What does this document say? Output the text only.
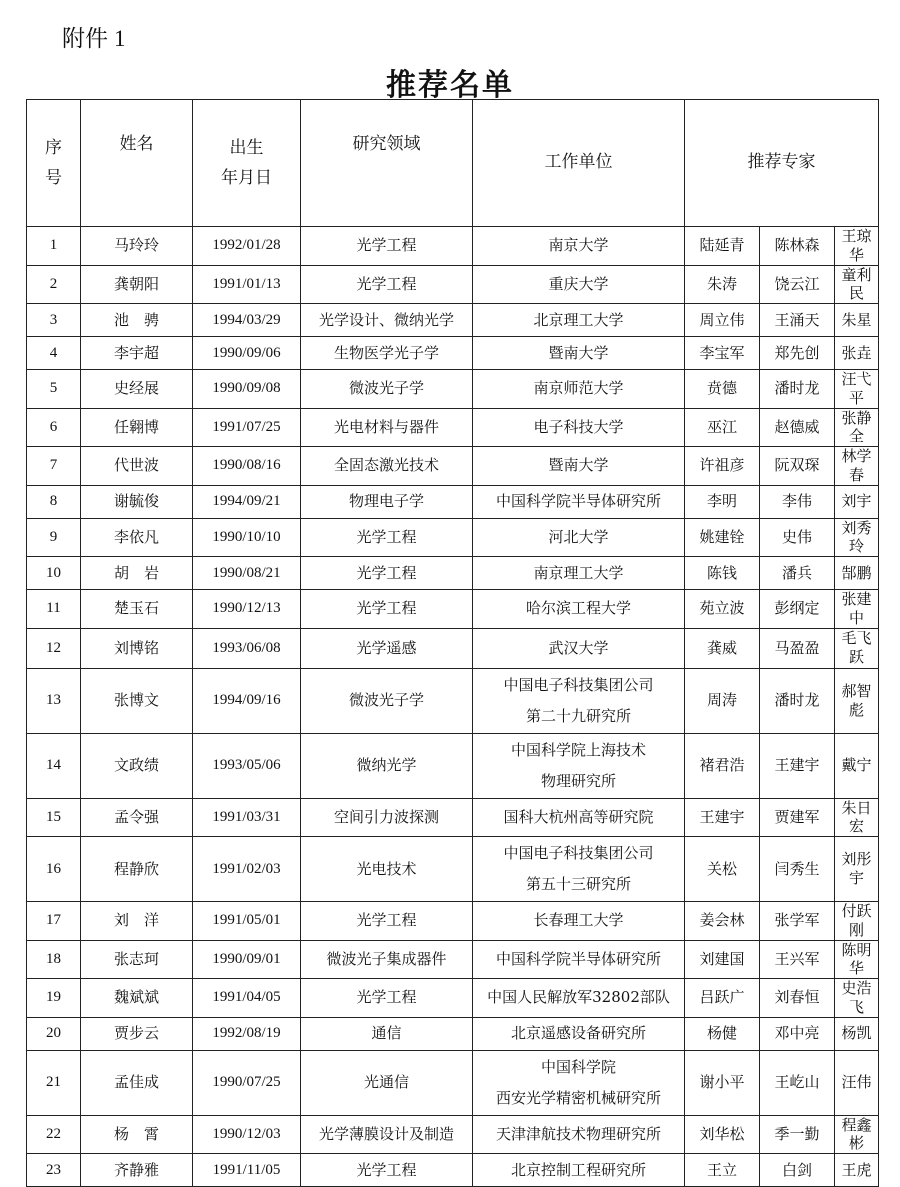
附件 1
推荐名单
序
号	姓名	出生
年月日	研究领域	工作单位	推荐专家		
1	马玲玲	1992/01/28	光学工程	南京大学	陆延青	陈林森	王琼华
2	龚朝阳	1991/01/13	光学工程	重庆大学	朱涛	饶云江	童利民
3	池　骋	1994/03/29	光学设计、微纳光学	北京理工大学	周立伟	王涌天	朱星
4	李宇超	1990/09/06	生物医学光子学	暨南大学	李宝军	郑先创	张垚
5	史经展	1990/09/08	微波光子学	南京师范大学	贲德	潘时龙	汪弋平
6	任翱博	1991/07/25	光电材料与器件	电子科技大学	巫江	赵德威	张静全
7	代世波	1990/08/16	全固态激光技术	暨南大学	许祖彦	阮双琛	林学春
8	谢毓俊	1994/09/21	物理电子学	中国科学院半导体研究所	李明	李伟	刘宇
9	李依凡	1990/10/10	光学工程	河北大学	姚建铨	史伟	刘秀玲
10	胡　岩	1990/08/21	光学工程	南京理工大学	陈钱	潘兵	郜鹏
11	楚玉石	1990/12/13	光学工程	哈尔滨工程大学	苑立波	彭纲定	张建中
12	刘博铭	1993/06/08	光学遥感	武汉大学	龚威	马盈盈	毛飞跃
13	张博文	1994/09/16	微波光子学	中国电子科技集团公司
第二十九研究所	周涛	潘时龙	郝智彪
14	文政绩	1993/05/06	微纳光学	中国科学院上海技术
物理研究所	褚君浩	王建宇	戴宁
15	孟令强	1991/03/31	空间引力波探测	国科大杭州高等研究院	王建宇	贾建军	朱日宏
16	程静欣	1991/02/03	光电技术	中国电子科技集团公司
第五十三研究所	关松	闫秀生	刘彤宇
17	刘　洋	1991/05/01	光学工程	长春理工大学	姜会林	张学军	付跃刚
18	张志珂	1990/09/01	微波光子集成器件	中国科学院半导体研究所	刘建国	王兴军	陈明华
19	魏斌斌	1991/04/05	光学工程	中国人民解放军32802部队	吕跃广	刘春恒	史浩飞
20	贾步云	1992/08/19	通信	北京遥感设备研究所	杨健	邓中亮	杨凯
21	孟佳成	1990/07/25	光通信	中国科学院
西安光学精密机械研究所	谢小平	王屹山	汪伟
22	杨　霄	1990/12/03	光学薄膜设计及制造	天津津航技术物理研究所	刘华松	季一勤	程鑫彬
23	齐静雅	1991/11/05	光学工程	北京控制工程研究所	王立	白剑	王虎
